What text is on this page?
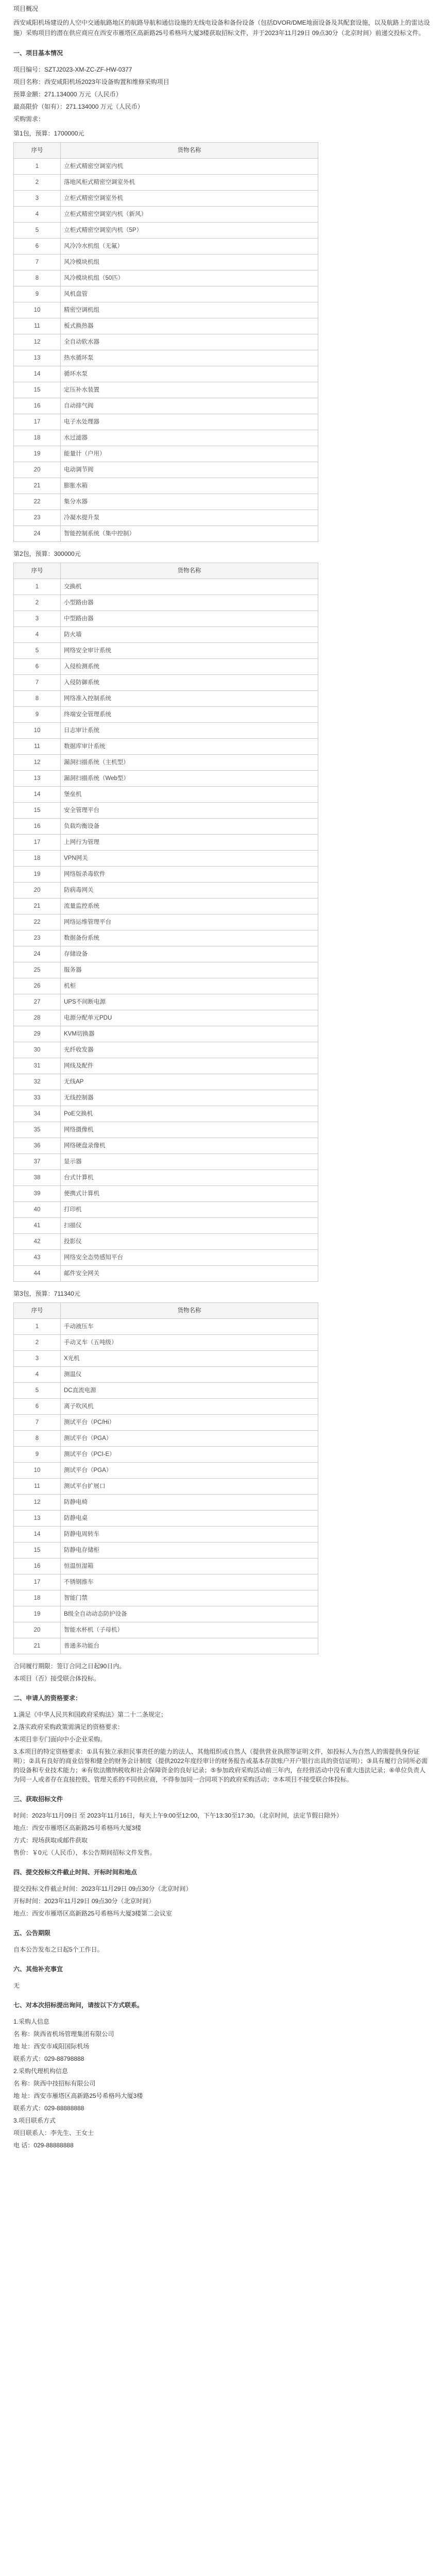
项目概况

西安咸阳机场建设的人空中交通航路地区的航路导航和通信设施的无线电设备和备份设备（包括DVOR/DME地面设备及其配套设施，以及航路上的雷达设施）采购项目的潜在供应商应在西安市雁塔区高新路25号希格玛大厦3楼获取招标文件，并于2023年11月29日 09点30分（北京时间）前递交投标文件。

一、项目基本情况

项目编号：SZTJ2023-XM-ZC-ZF-HW-0377

项目名称：西安咸阳机场2023年设备购置和维修采购项目

预算金额：271.134000 万元（人民币）

最高限价（如有）：271.134000 万元（人民币）

采购需求：

第1包，预算：1700000元

序号	货物名称
1	立柜式精密空调室内机
2	落地风柜式精密空调室外机
3	立柜式精密空调室外机
4	立柜式精密空调室内机（新风）
5	立柜式精密空调室内机（5P）
6	风冷冷水机组（无氟）
7	风冷模块机组
8	风冷模块机组（50匹）
9	风机盘管
10	精密空调机组
11	板式换热器
12	全自动软水器
13	热水循环泵
14	循环水泵
15	定压补水装置
16	自动排气阀
17	电子水处理器
18	水过滤器
19	能量计（户用）
20	电动调节阀
21	膨胀水箱
22	集分水器
23	冷凝水提升泵
24	智能控制系统（集中控制）

第2包，预算：300000元

序号	货物名称
1	交换机
2	小型路由器
3	中型路由器
4	防火墙
5	网络安全审计系统
6	入侵检测系统
7	入侵防御系统
8	网络准入控制系统
9	终端安全管理系统
10	日志审计系统
11	数据库审计系统
12	漏洞扫描系统（主机型）
13	漏洞扫描系统（Web型）
14	堡垒机
15	安全管理平台
16	负载均衡设备
17	上网行为管理
18	VPN网关
19	网络版杀毒软件
20	防病毒网关
21	流量监控系统
22	网络运维管理平台
23	数据备份系统
24	存储设备
25	服务器
26	机柜
27	UPS不间断电源
28	电源分配单元PDU
29	KVM切换器
30	光纤收发器
31	网线及配件
32	无线AP
33	无线控制器
34	PoE交换机
35	网络摄像机
36	网络硬盘录像机
37	显示器
38	台式计算机
39	便携式计算机
40	打印机
41	扫描仪
42	投影仪
43	网络安全态势感知平台
44	邮件安全网关

第3包，预算：711340元

序号	货物名称
1	手动液压车
2	手动叉车（五吨级）
3	X光机
4	测温仪
5	DC直流电源
6	离子吹风机
7	测试平台（PC/Hi）
8	测试平台（PGA）
9	测试平台（PCI-E）
10	测试平台（PGA）
11	测试平台扩展口
12	防静电椅
13	防静电桌
14	防静电周转车
15	防静电存储柜
16	恒温恒湿箱
17	不锈钢推车
18	智能门禁
19	B级全自动动态防护设备
20	智能水杯机（子母机）
21	普通多功能台

合同履行期限：签订合同之日起90日内。

本项目（否）接受联合体投标。

二、申请人的资格要求：

1.满足《中华人民共和国政府采购法》第二十二条规定；

2.落实政府采购政策需满足的资格要求：

本项目非专门面向中小企业采购。

3.本项目的特定资格要求：①具有独立承担民事责任的能力的法人、其他组织或自然人（提供营业执照等证明文件，如投标人为自然人的需提供身份证明）；②具有良好的商业信誉和健全的财务会计制度（提供2022年度经审计的财务报告或基本存款账户开户银行出具的资信证明）；③具有履行合同所必需的设备和专业技术能力；④有依法缴纳税收和社会保障资金的良好记录；⑤参加政府采购活动前三年内，在经营活动中没有重大违法记录；⑥单位负责人为同一人或者存在直接控股、管理关系的不同供应商，不得参加同一合同项下的政府采购活动；⑦本项目不接受联合体投标。

三、获取招标文件

时间：2023年11月09日 至 2023年11月16日，每天上午9:00至12:00，下午13:30至17:30。（北京时间，法定节假日除外）

地点：西安市雁塔区高新路25号希格玛大厦3楼

方式：现场获取或邮件获取

售价：￥0元（人民币），本公告期间招标文件发售。

四、提交投标文件截止时间、开标时间和地点

提交投标文件截止时间：2023年11月29日 09点30分（北京时间）

开标时间：2023年11月29日 09点30分（北京时间）

地点：西安市雁塔区高新路25号希格玛大厦3楼第二会议室

五、公告期限

自本公告发布之日起5个工作日。

六、其他补充事宜

无

七、对本次招标提出询问，请按以下方式联系。

1.采购人信息

名 称：陕西省机场管理集团有限公司

地 址：西安市咸阳国际机场

联系方式：029-88798888

2.采购代理机构信息

名 称：陕西中技招标有限公司

地 址：西安市雁塔区高新路25号希格玛大厦3楼

联系方式：029-88888888

3.项目联系方式

项目联系人：李先生、王女士

电 话：029-88888888
